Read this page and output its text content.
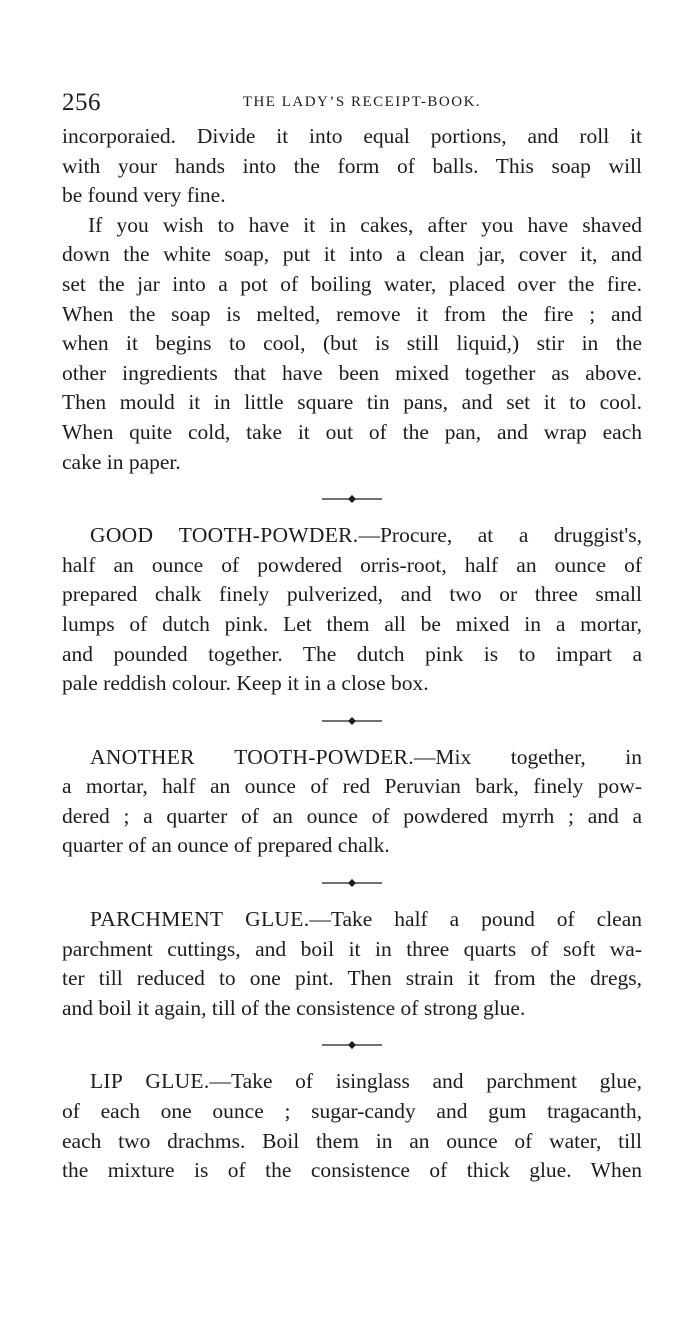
256	THE LADY’S RECEIPT-BOOK.
incorporaied. Divide it into equal portions, and roll it
with your hands into the form of balls. This soap will
be found very fine.
If you wish to have it in cakes, after you have shaved
down the white soap, put it into a clean jar, cover it, and
set the jar into a pot of boiling water, placed over the fire.
When the soap is melted, remove it from the fire ; and
when it begins to cool, (but is still liquid,) stir in the
other ingredients that have been mixed together as above.
Then mould it in little square tin pans, and set it to cool.
When quite cold, take it out of the pan, and wrap each
cake in paper.
GOOD TOOTH-POWDER.—Procure, at a druggist's,
half an ounce of powdered orris-root, half an ounce of
prepared chalk finely pulverized, and two or three small
lumps of dutch pink. Let them all be mixed in a mortar,
and pounded together. The dutch pink is to impart a
pale reddish colour. Keep it in a close box.
ANOTHER TOOTH-POWDER.—Mix together, in
a mortar, half an ounce of red Peruvian bark, finely pow-
dered ; a quarter of an ounce of powdered myrrh ; and a
quarter of an ounce of prepared chalk.
PARCHMENT GLUE.—Take half a pound of clean
parchment cuttings, and boil it in three quarts of soft wa-
ter till reduced to one pint. Then strain it from the dregs,
and boil it again, till of the consistence of strong glue.
LIP GLUE.—Take of isinglass and parchment glue,
of each one ounce ; sugar-candy and gum tragacanth,
each two drachms. Boil them in an ounce of water, till
the mixture is of the consistence of thick glue. When
